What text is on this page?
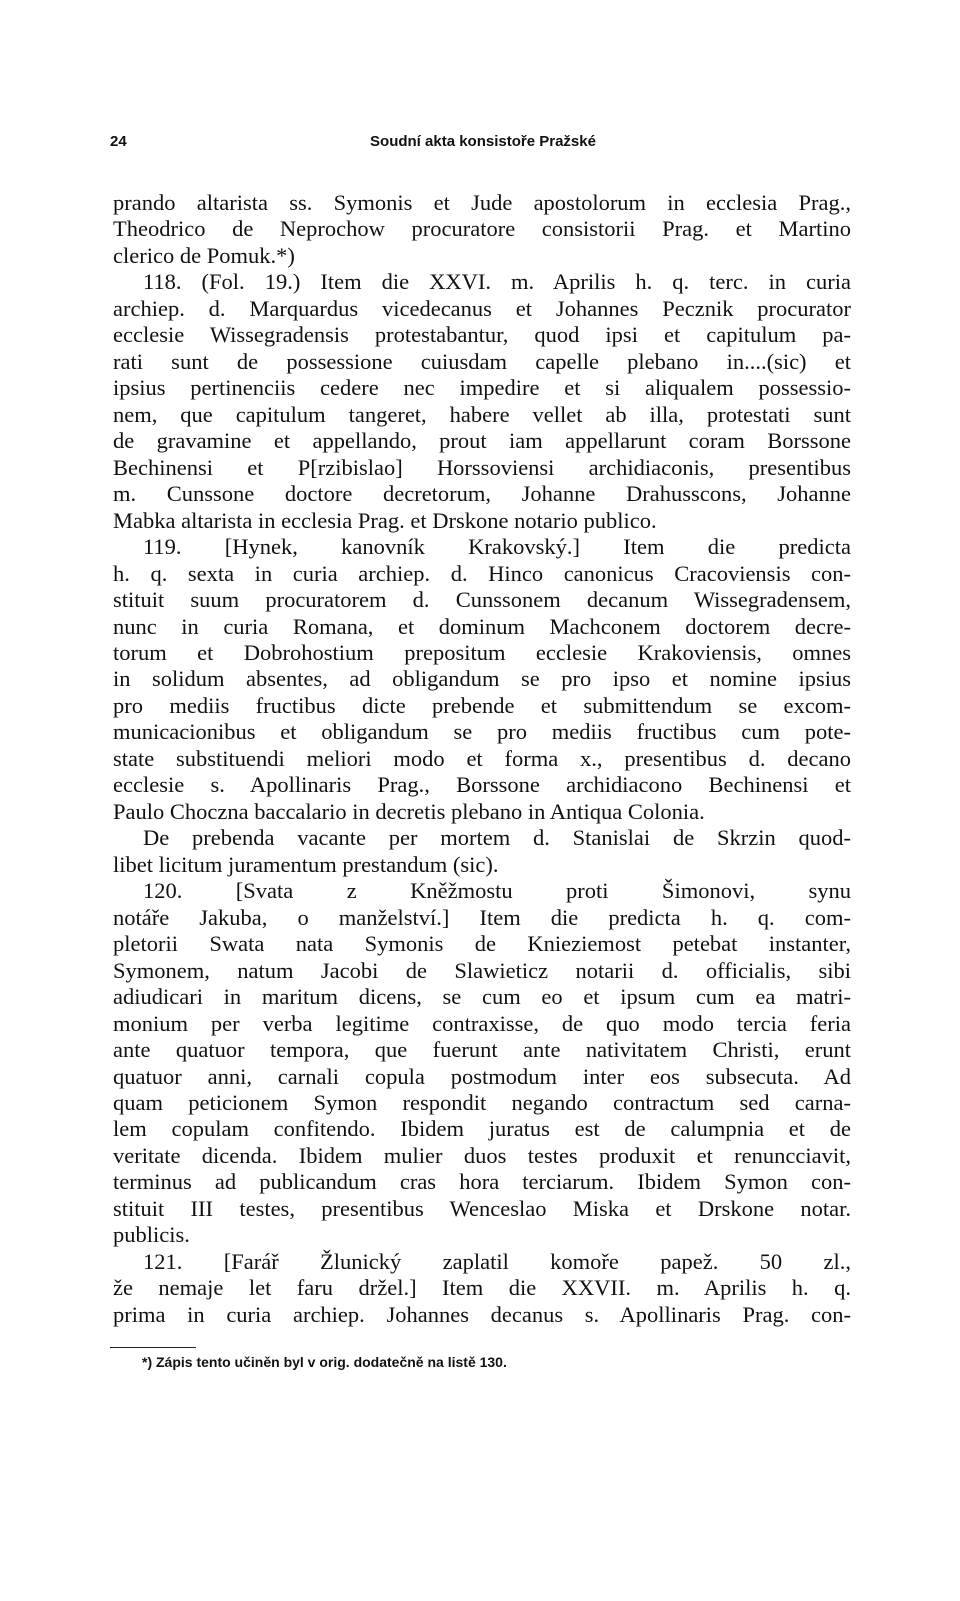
24	Soudní akta konsistoře Pražské
prando altarista ss. Symonis et Jude apostolorum in ecclesia Prag.,
Theodrico de Neprochow procuratore consistorii Prag. et Martino
clerico de Pomuk.*)
118. (Fol. 19.) Item die XXVI. m. Aprilis h. q. terc. in curia
archiep. d. Marquardus vicedecanus et Johannes Pecznik procurator
ecclesie Wissegradensis protestabantur, quod ipsi et capitulum pa-
rati sunt de possessione cuiusdam capelle plebano in....(sic) et
ipsius pertinenciis cedere nec impedire et si aliqualem possessio-
nem, que capitulum tangeret, habere vellet ab illa, protestati sunt
de gravamine et appellando, prout iam appellarunt coram Borssone
Bechinensi et P[rzibislao] Horssoviensi archidiaconis, presentibus
m. Cunssone doctore decretorum, Johanne Drahusscons, Johanne
Mabka altarista in ecclesia Prag. et Drskone notario publico.
119. [Hynek, kanovník Krakovský.] Item die predicta
h. q. sexta in curia archiep. d. Hinco canonicus Cracoviensis con-
stituit suum procuratorem d. Cunssonem decanum Wissegradensem,
nunc in curia Romana, et dominum Machconem doctorem decre-
torum et Dobrohostium prepositum ecclesie Krakoviensis, omnes
in solidum absentes, ad obligandum se pro ipso et nomine ipsius
pro mediis fructibus dicte prebende et submittendum se excom-
municacionibus et obligandum se pro mediis fructibus cum pote-
state substituendi meliori modo et forma x., presentibus d. decano
ecclesie s. Apollinaris Prag., Borssone archidiacono Bechinensi et
Paulo Choczna baccalario in decretis plebano in Antiqua Colonia.
De prebenda vacante per mortem d. Stanislai de Skrzin quod-
libet licitum juramentum prestandum (sic).
120. [Svata z Kněžmostu proti Šimonovi, synu
notáře Jakuba, o manželství.] Item die predicta h. q. com-
pletorii Swata nata Symonis de Knieziemost petebat instanter,
Symonem, natum Jacobi de Slawieticz notarii d. officialis, sibi
adiudicari in maritum dicens, se cum eo et ipsum cum ea matri-
monium per verba legitime contraxisse, de quo modo tercia feria
ante quatuor tempora, que fuerunt ante nativitatem Christi, erunt
quatuor anni, carnali copula postmodum inter eos subsecuta. Ad
quam peticionem Symon respondit negando contractum sed carna-
lem copulam confitendo. Ibidem juratus est de calumpnia et de
veritate dicenda. Ibidem mulier duos testes produxit et renuncciavit,
terminus ad publicandum cras hora terciarum. Ibidem Symon con-
stituit III testes, presentibus Wenceslao Miska et Drskone notar.
publicis.
121. [Farář Žlunický zaplatil komoře papež. 50 zl.,
že nemaje let faru držel.] Item die XXVII. m. Aprilis h. q.
prima in curia archiep. Johannes decanus s. Apollinaris Prag. con-
*) Zápis tento učiněn byl v orig. dodatečně na listě 130.
